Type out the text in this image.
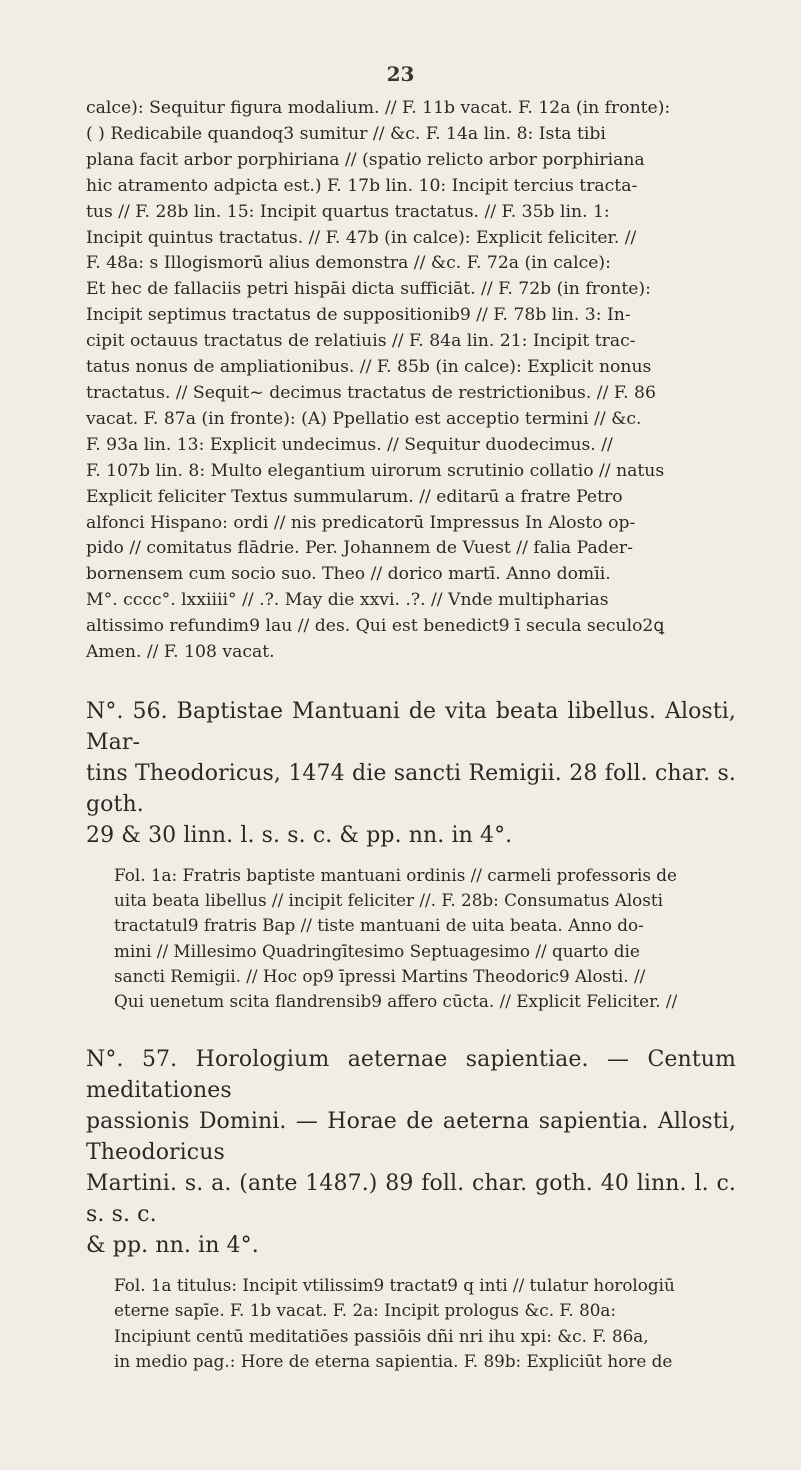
23

calce): Sequitur figura modalium. // F. 11b vacat. F. 12a (in fronte):
( ) Redicabile quandoq3 sumitur // &c. F. 14a lin. 8: Ista tibi
plana facit arbor porphiriana // (spatio relicto arbor porphiriana
hic atramento adpicta est.) F. 17b lin. 10: Incipit tercius tracta-
tus // F. 28b lin. 15: Incipit quartus tractatus. // F. 35b lin. 1:
Incipit quintus tractatus. // F. 47b (in calce): Explicit feliciter. //
F. 48a: s Illogismorū alius demonstra // &c. F. 72a (in calce):
Et hec de fallaciis petri hispāi dicta sufficiāt. // F. 72b (in fronte):
Incipit septimus tractatus de suppositionib9 // F. 78b lin. 3: In-
cipit octauus tractatus de relatiuis // F. 84a lin. 21: Incipit trac-
tatus nonus de ampliationibus. // F. 85b (in calce): Explicit nonus
tractatus. // Sequit~ decimus tractatus de restrictionibus. // F. 86
vacat. F. 87a (in fronte): (A) Ppellatio est acceptio termini // &c.
F. 93a lin. 13: Explicit undecimus. // Sequitur duodecimus. //
F. 107b lin. 8: Multo elegantium uirorum scrutinio collatio // natus
Explicit feliciter Textus summularum. // editarū a fratre Petro
alfonci Hispano: ordi // nis predicatorū Impressus In Alosto op-
pido // comitatus flādrie. Per. Johannem de Vuest // falia Pader-
bornensem cum socio suo. Theo // dorico martī. Anno domīi.
M°. cccc°. lxxiiii° // .?. May die xxvi. .?. // Vnde multipharias
altissimo refundim9 lau // des. Qui est benedict9 ī secula seculo2ꝗ
Amen. // F. 108 vacat.

N°. 56. Baptistae Mantuani de vita beata libellus. Alosti, Mar-
tins Theodoricus, 1474 die sancti Remigii. 28 foll. char. s. goth.
29 & 30 linn. l. s. s. c. & pp. nn. in 4°.

Fol. 1a: Fratris baptiste mantuani ordinis // carmeli professoris de
uita beata libellus // incipit feliciter //. F. 28b: Consumatus Alosti
tractatul9 fratris Bap // tiste mantuani de uita beata. Anno do-
mini // Millesimo Quadringītesimo Septuagesimo // quarto die
sancti Remigii. // Hoc op9 īpressi Martins Theodoric9 Alosti. //
Qui uenetum scita flandrensib9 affero cūcta. // Explicit Feliciter. //

N°. 57. Horologium aeternae sapientiae. — Centum meditationes
passionis Domini. — Horae de aeterna sapientia. Allosti, Theodoricus
Martini. s. a. (ante 1487.) 89 foll. char. goth. 40 linn. l. c. s. s. c.
& pp. nn. in 4°.

Fol. 1a titulus: Incipit vtilissim9 tractat9 q inti // tulatur horologiū
eterne sapīe. F. 1b vacat. F. 2a: Incipit prologus &c. F. 80a:
Incipiunt centū meditatiōes passiōis dñi nri ihu xpi: &c. F. 86a,
in medio pag.: Hore de eterna sapientia. F. 89b: Expliciūt hore de
